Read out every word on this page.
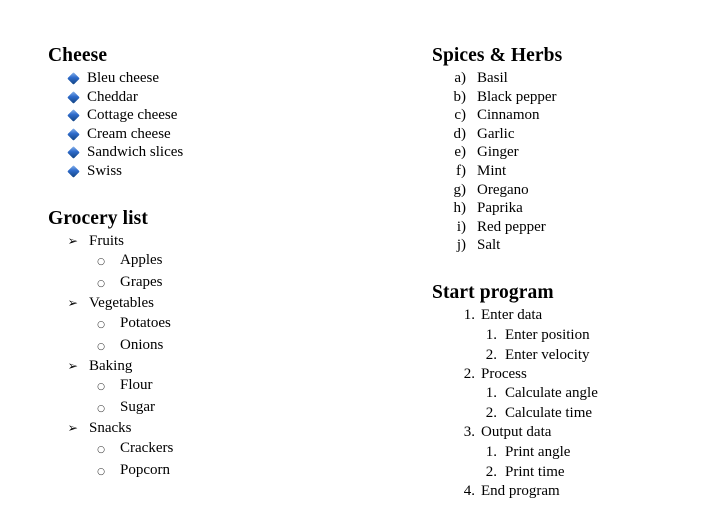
Cheese
Bleu cheese
Cheddar
Cottage cheese
Cream cheese
Sandwich slices
Swiss
Grocery list
➢ Fruits
○	Apples
○	Grapes
➢ Vegetables
○	Potatoes
○	Onions
➢ Baking
○	Flour
○	Sugar
➢ Snacks
○	Crackers
○	Popcorn
Spices & Herbs
a) Basil
b) Black pepper
c) Cinnamon
d) Garlic
e) Ginger
f) Mint
g) Oregano
h) Paprika
i) Red pepper
j) Salt
Start program
1. Enter data
1. Enter position
2. Enter velocity
2. Process
1. Calculate angle
2. Calculate time
3. Output data
1. Print angle
2. Print time
4. End program
